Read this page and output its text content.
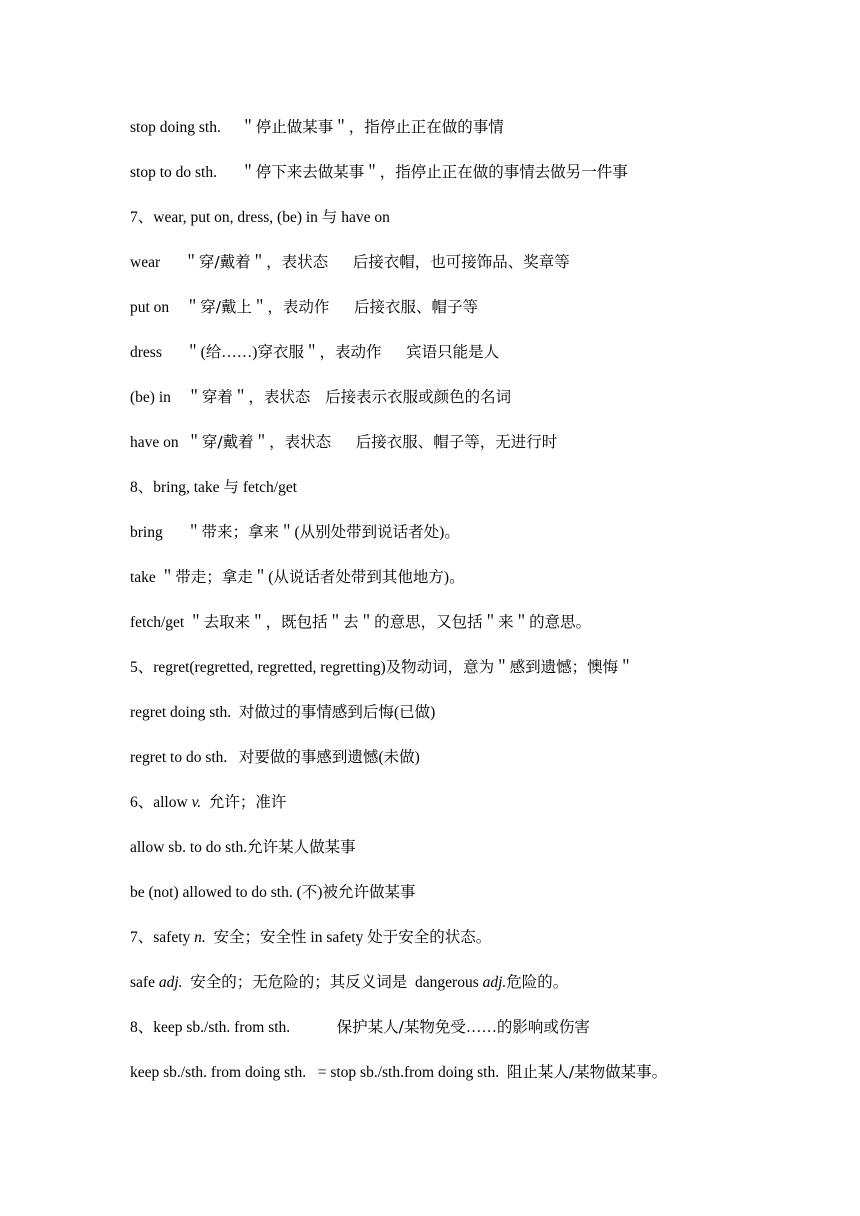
stop doing sth.     ＂停止做某事＂，指停止正在做的事情
stop to do sth.      ＂停下来去做某事＂，指停止正在做的事情去做另一件事
7、wear, put on, dress, (be) in 与 have on
wear      ＂穿/戴着＂，表状态     后接衣帽，也可接饰品、奖章等
put on    ＂穿/戴上＂，表动作     后接衣服、帽子等
dress      ＂(给……)穿衣服＂，表动作     宾语只能是人
(be) in    ＂穿着＂，表状态   后接表示衣服或颜色的名词
have on  ＂穿/戴着＂，表状态     后接衣服、帽子等，无进行时
8、bring, take 与 fetch/get
bring      ＂带来；拿来＂(从别处带到说话者处)。
take ＂带走；拿走＂(从说话者处带到其他地方)。
fetch/get ＂去取来＂，既包括＂去＂的意思，又包括＂来＂的意思。
5、regret(regretted, regretted, regretting)及物动词，意为＂感到遗憾；懊悔＂
regret doing sth.  对做过的事情感到后悔(已做)
regret to do sth.   对要做的事感到遗憾(未做)
6、allow v. 允许；准许
allow sb. to do sth.允许某人做某事
be (not) allowed to do sth. (不)被允许做某事
7、safety n. 安全；安全性 in safety 处于安全的状态。
safe adj. 安全的；无危险的；其反义词是  dangerous adj.危险的。
8、keep sb./sth. from sth.            保护某人/某物免受……的影响或伤害
keep sb./sth. from doing sth.   = stop sb./sth.from doing sth.  阻止某人/某物做某事。
